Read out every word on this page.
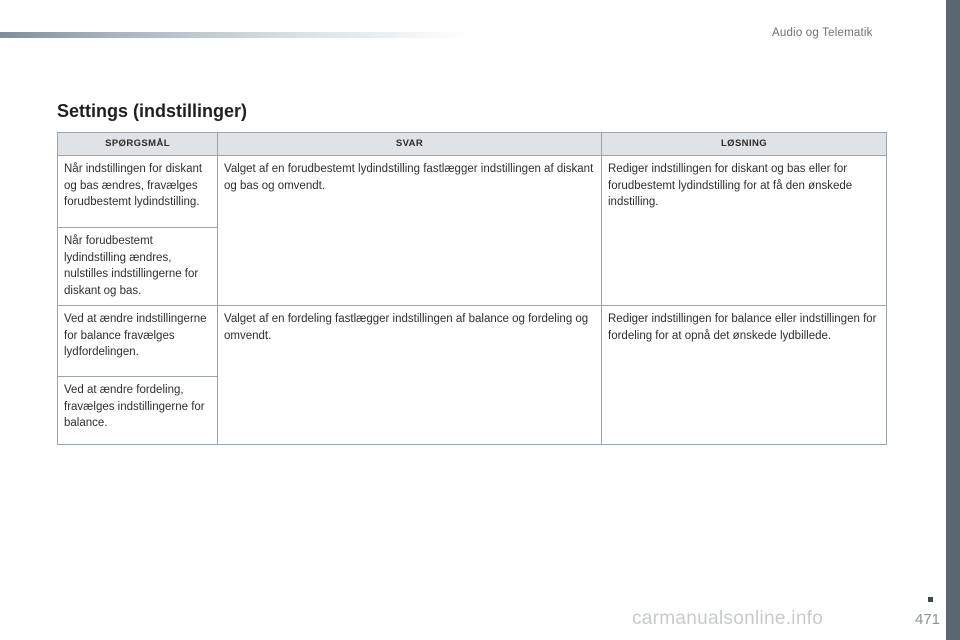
Audio og Telematik
Settings (indstillinger)
SPØRGSMÅL	SVAR	LØSNING
Når indstillingen for diskant og bas ændres, fravælges forudbestemt lydindstilling.	Valget af en forudbestemt lydindstilling fastlægger indstillingen af diskant og bas og omvendt.	Rediger indstillingen for diskant og bas eller for forudbestemt lydindstilling for at få den ønskede indstilling.
Når forudbestemt lydindstilling ændres, nulstilles indstillingerne for diskant og bas.		
Ved at ændre indstillingerne for balance fravælges lydfordelingen.	Valget af en fordeling fastlægger indstillingen af balance og fordeling og omvendt.	Rediger indstillingen for balance eller indstillingen for fordeling for at opnå det ønskede lydbillede.
Ved at ændre fordeling, fravælges indstillingerne for balance.		
471
carmanualsonline.info
